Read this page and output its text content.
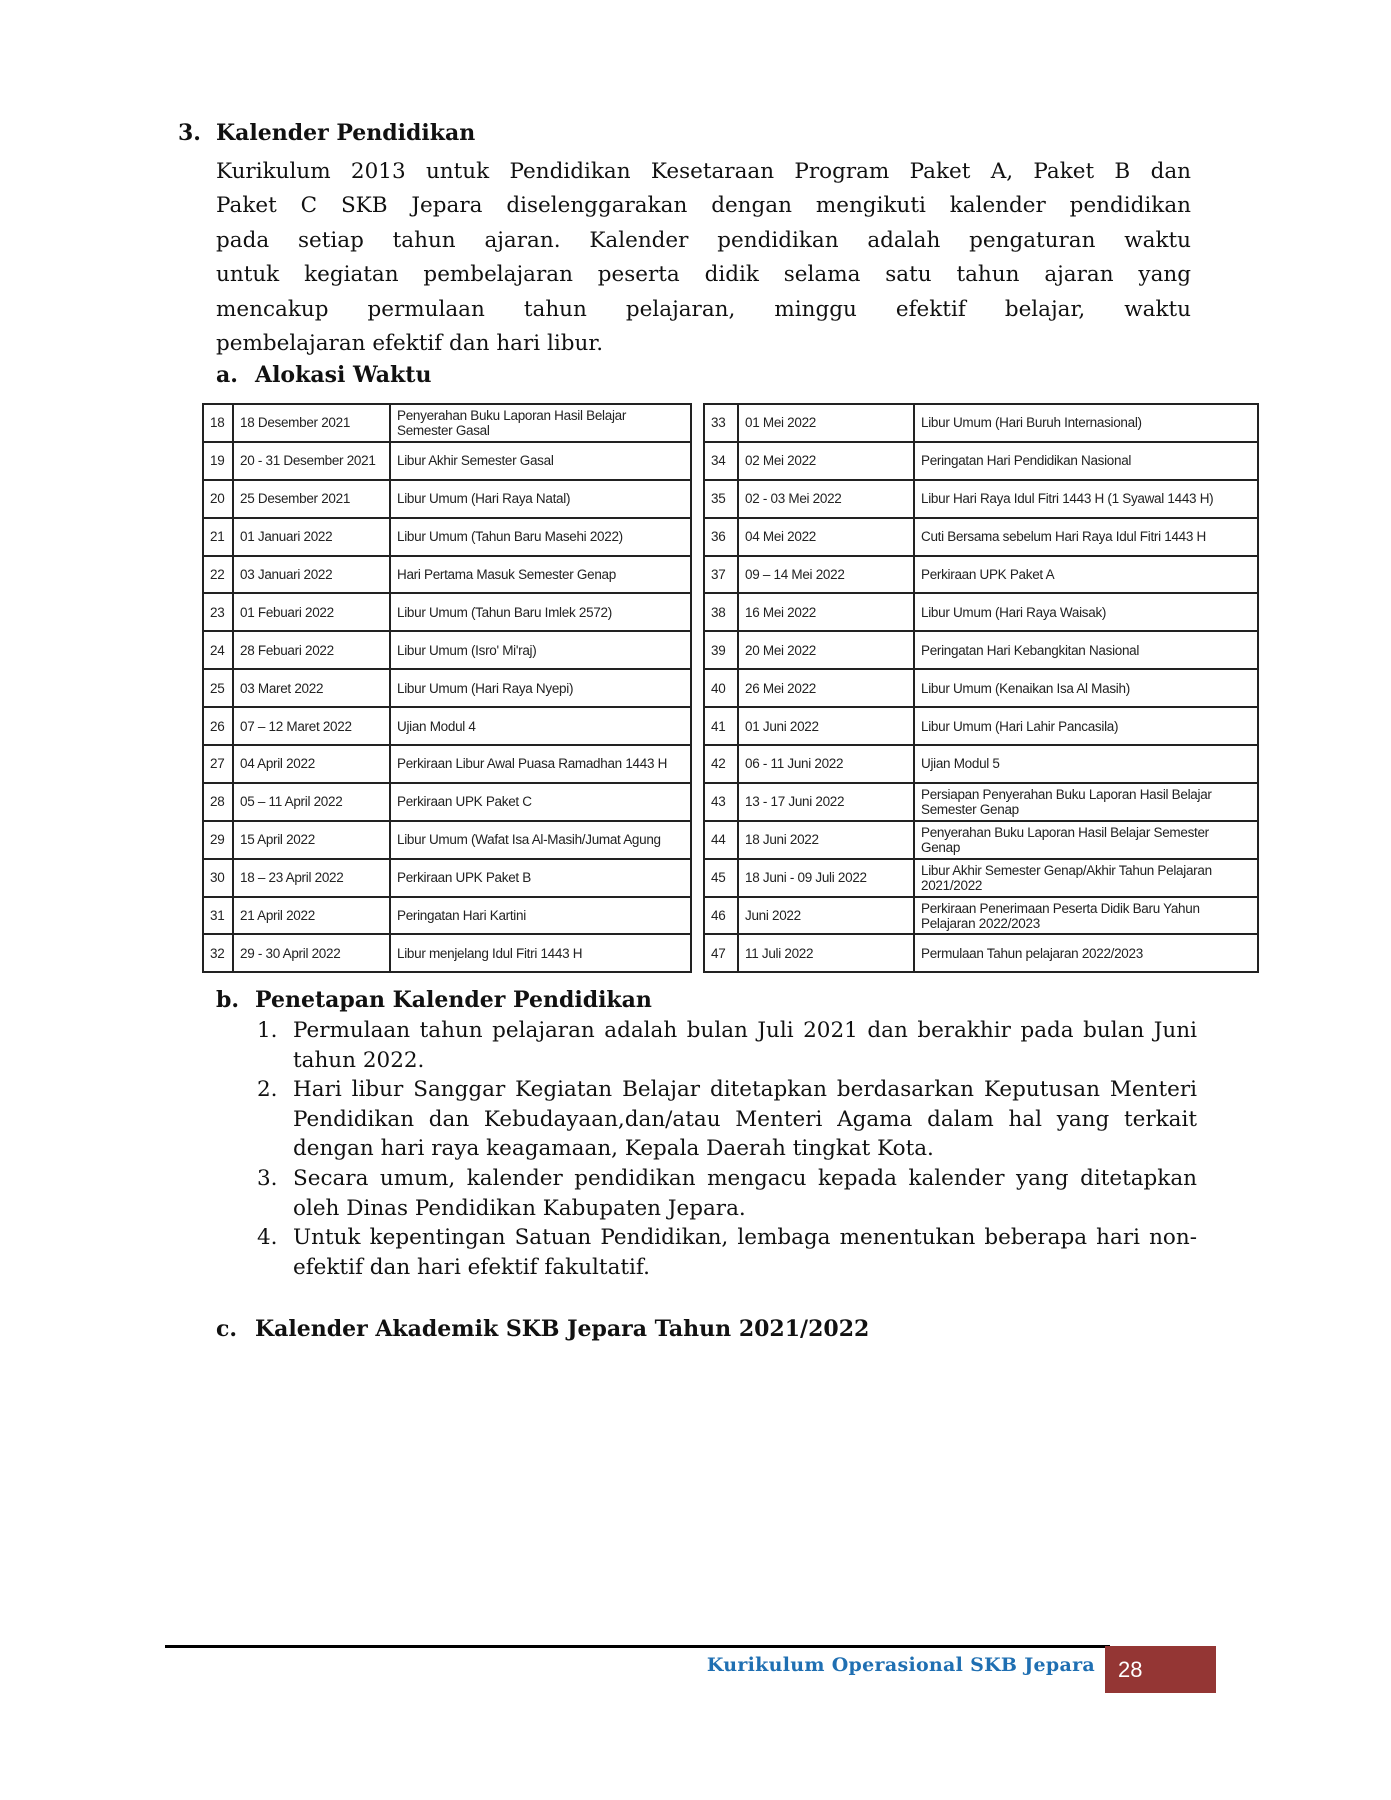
3. Kalender Pendidikan
Kurikulum 2013 untuk Pendidikan Kesetaraan Program Paket A, Paket B dan
Paket C SKB Jepara diselenggarakan dengan mengikuti kalender pendidikan
pada setiap tahun ajaran. Kalender pendidikan adalah pengaturan waktu
untuk kegiatan pembelajaran peserta didik selama satu tahun ajaran yang
mencakup permulaan tahun pelajaran, minggu efektif belajar, waktu
pembelajaran efektif dan hari libur.
a. Alokasi Waktu
18	18 Desember 2021	Penyerahan Buku Laporan Hasil Belajar Semester Gasal
19	20 - 31 Desember 2021	Libur Akhir Semester Gasal
20	25 Desember 2021	Libur Umum (Hari Raya Natal)
21	01 Januari 2022	Libur Umum (Tahun Baru Masehi 2022)
22	03 Januari 2022	Hari Pertama Masuk Semester Genap
23	01 Febuari 2022	Libur Umum (Tahun Baru Imlek 2572)
24	28 Febuari 2022	Libur Umum (Isro' Mi'raj)
25	03 Maret 2022	Libur Umum (Hari Raya Nyepi)
26	07 – 12 Maret 2022	Ujian Modul 4
27	04 April 2022	Perkiraan Libur Awal Puasa Ramadhan 1443 H
28	05 – 11 April 2022	Perkiraan UPK Paket C
29	15 April 2022	Libur Umum (Wafat Isa Al-Masih/Jumat Agung
30	18 – 23 April 2022	Perkiraan UPK Paket B
31	21 April 2022	Peringatan Hari Kartini
32	29 - 30 April 2022	Libur menjelang Idul Fitri 1443 H
33	01 Mei 2022	Libur Umum (Hari Buruh Internasional)
34	02 Mei 2022	Peringatan Hari Pendidikan Nasional
35	02 - 03 Mei 2022	Libur Hari Raya Idul Fitri 1443 H (1 Syawal 1443 H)
36	04 Mei 2022	Cuti Bersama sebelum Hari Raya Idul Fitri 1443 H
37	09 – 14 Mei 2022	Perkiraan UPK Paket A
38	16 Mei 2022	Libur Umum (Hari Raya Waisak)
39	20 Mei 2022	Peringatan Hari Kebangkitan Nasional
40	26 Mei 2022	Libur Umum (Kenaikan Isa Al Masih)
41	01 Juni 2022	Libur Umum (Hari Lahir Pancasila)
42	06 - 11 Juni 2022	Ujian Modul 5
43	13 - 17 Juni 2022	Persiapan Penyerahan Buku Laporan Hasil Belajar Semester Genap
44	18 Juni 2022	Penyerahan Buku Laporan Hasil Belajar Semester Genap
45	18 Juni - 09 Juli 2022	Libur Akhir Semester Genap/Akhir Tahun Pelajaran 2021/2022
46	Juni 2022	Perkiraan Penerimaan Peserta Didik Baru Yahun Pelajaran 2022/2023
47	11 Juli 2022	Permulaan Tahun pelajaran 2022/2023
b. Penetapan Kalender Pendidikan
1. Permulaan tahun pelajaran adalah bulan Juli 2021 dan berakhir pada bulan Juni tahun 2022.
2. Hari libur Sanggar Kegiatan Belajar ditetapkan berdasarkan Keputusan Menteri Pendidikan dan Kebudayaan,dan/atau Menteri Agama dalam hal yang terkait dengan hari raya keagamaan, Kepala Daerah tingkat Kota.
3. Secara umum, kalender pendidikan mengacu kepada kalender yang ditetapkan oleh Dinas Pendidikan Kabupaten Jepara.
4. Untuk kepentingan Satuan Pendidikan, lembaga menentukan beberapa hari non-efektif dan hari efektif fakultatif.
c. Kalender Akademik SKB Jepara Tahun 2021/2022
Kurikulum Operasional SKB Jepara	28
